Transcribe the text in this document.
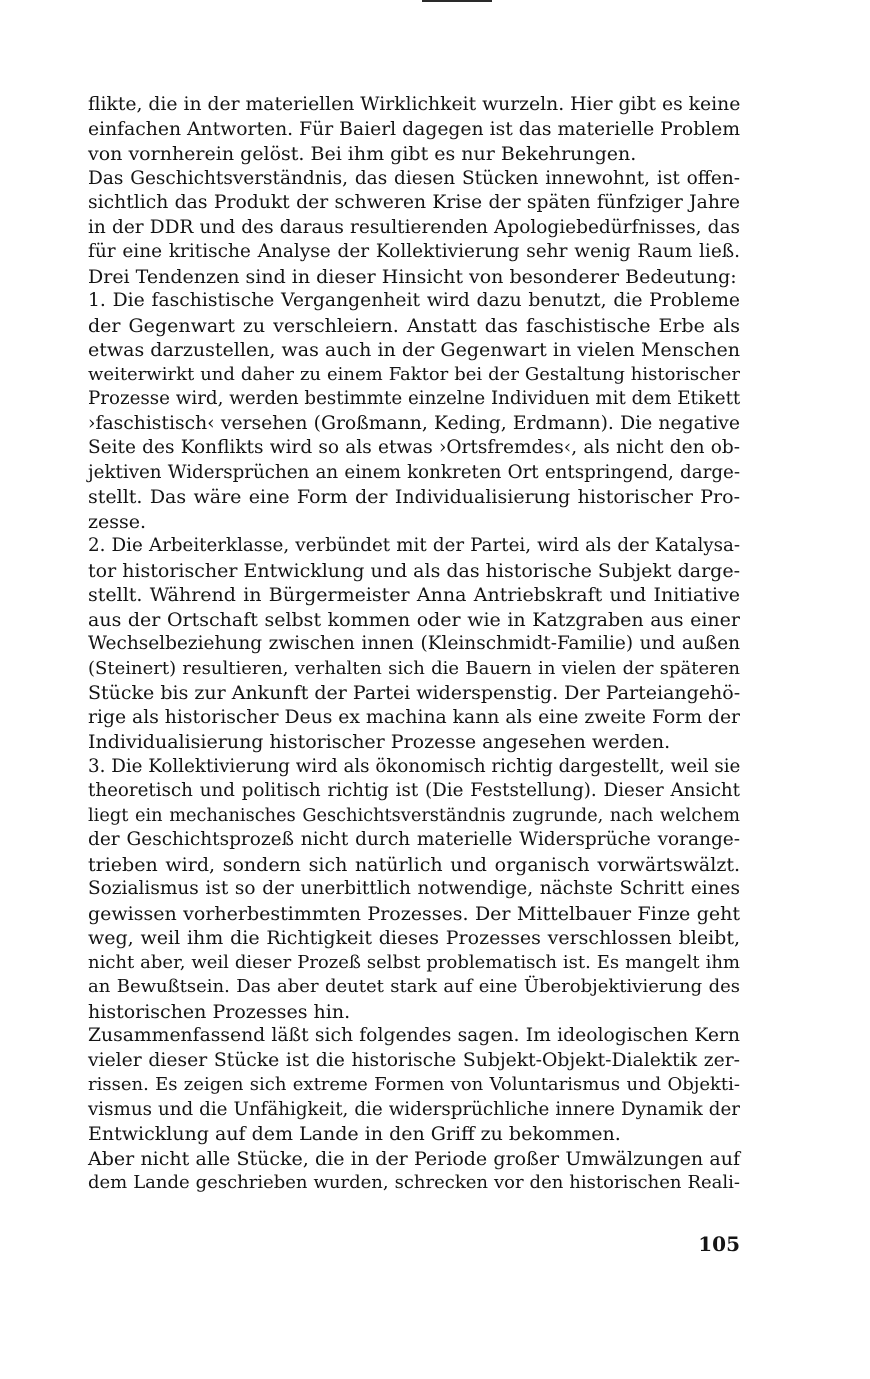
flikte, die in der materiellen Wirklichkeit wurzeln. Hier gibt es keine
einfachen Antworten. Für Baierl dagegen ist das materielle Problem
von vornherein gelöst. Bei ihm gibt es nur Bekehrungen.
Das Geschichtsverständnis, das diesen Stücken innewohnt, ist offen-
sichtlich das Produkt der schweren Krise der späten fünfziger Jahre
in der DDR und des daraus resultierenden Apologiebedürfnisses, das
für eine kritische Analyse der Kollektivierung sehr wenig Raum ließ.
Drei Tendenzen sind in dieser Hinsicht von besonderer Bedeutung:
1. Die faschistische Vergangenheit wird dazu benutzt, die Probleme
der Gegenwart zu verschleiern. Anstatt das faschistische Erbe als
etwas darzustellen, was auch in der Gegenwart in vielen Menschen
weiterwirkt und daher zu einem Faktor bei der Gestaltung historischer
Prozesse wird, werden bestimmte einzelne Individuen mit dem Etikett
›faschistisch‹ versehen (Großmann, Keding, Erdmann). Die negative
Seite des Konflikts wird so als etwas ›Ortsfremdes‹, als nicht den ob-
jektiven Widersprüchen an einem konkreten Ort entspringend, darge-
stellt. Das wäre eine Form der Individualisierung historischer Pro-
zesse.
2. Die Arbeiterklasse, verbündet mit der Partei, wird als der Katalysa-
tor historischer Entwicklung und als das historische Subjekt darge-
stellt. Während in Bürgermeister Anna Antriebskraft und Initiative
aus der Ortschaft selbst kommen oder wie in Katzgraben aus einer
Wechselbeziehung zwischen innen (Kleinschmidt-Familie) und außen
(Steinert) resultieren, verhalten sich die Bauern in vielen der späteren
Stücke bis zur Ankunft der Partei widerspenstig. Der Parteiangehö-
rige als historischer Deus ex machina kann als eine zweite Form der
Individualisierung historischer Prozesse angesehen werden.
3. Die Kollektivierung wird als ökonomisch richtig dargestellt, weil sie
theoretisch und politisch richtig ist (Die Feststellung). Dieser Ansicht
liegt ein mechanisches Geschichtsverständnis zugrunde, nach welchem
der Geschichtsprozeß nicht durch materielle Widersprüche vorange-
trieben wird, sondern sich natürlich und organisch vorwärtswälzt.
Sozialismus ist so der unerbittlich notwendige, nächste Schritt eines
gewissen vorherbestimmten Prozesses. Der Mittelbauer Finze geht
weg, weil ihm die Richtigkeit dieses Prozesses verschlossen bleibt,
nicht aber, weil dieser Prozeß selbst problematisch ist. Es mangelt ihm
an Bewußtsein. Das aber deutet stark auf eine Überobjektivierung des
historischen Prozesses hin.
Zusammenfassend läßt sich folgendes sagen. Im ideologischen Kern
vieler dieser Stücke ist die historische Subjekt-Objekt-Dialektik zer-
rissen. Es zeigen sich extreme Formen von Voluntarismus und Objekti-
vismus und die Unfähigkeit, die widersprüchliche innere Dynamik der
Entwicklung auf dem Lande in den Griff zu bekommen.
Aber nicht alle Stücke, die in der Periode großer Umwälzungen auf
dem Lande geschrieben wurden, schrecken vor den historischen Reali-
105
